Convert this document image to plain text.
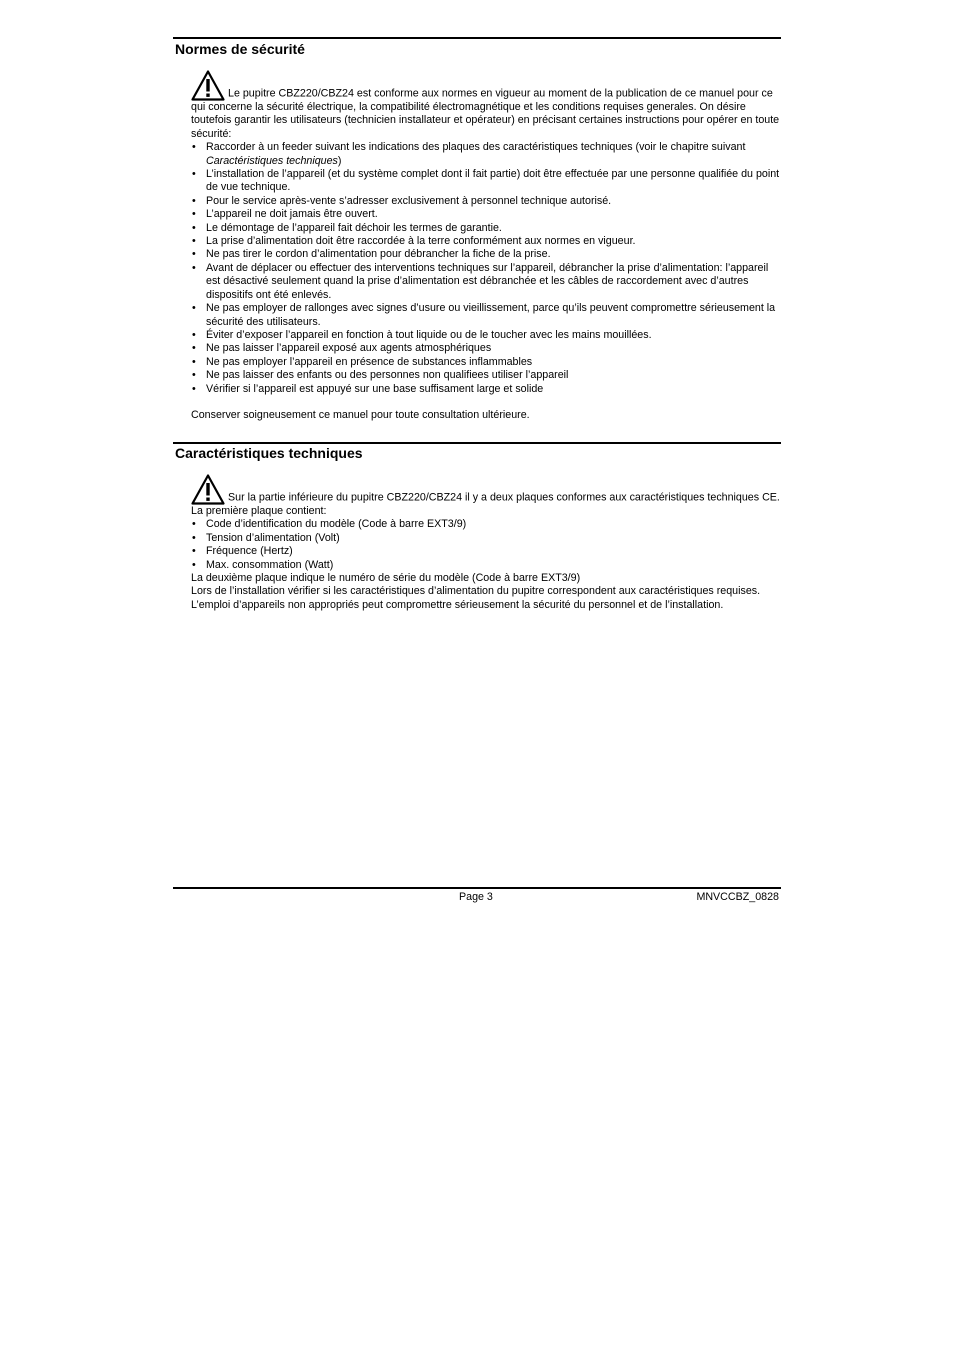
Normes de sécurité

Le pupitre CBZ220/CBZ24 est conforme aux normes en vigueur au moment de la publication de ce manuel pour ce qui concerne la sécurité électrique, la compatibilité électromagnétique et les conditions requises generales. On désire toutefois garantir les utilisateurs (technicien installateur et opérateur) en précisant certaines instructions pour opérer en toute sécurité:

• Raccorder à un feeder suivant les indications des plaques des caractéristiques techniques (voir le chapitre suivant Caractéristiques techniques)
• L’installation de l’appareil (et du système complet dont il fait partie) doit être effectuée par une personne qualifiée du point de vue technique.
• Pour le service après-vente s’adresser exclusivement à personnel technique autorisé.
• L’appareil ne doit jamais être ouvert.
• Le démontage de l’appareil fait déchoir les termes de garantie.
• La prise d’alimentation doit être raccordée à la terre conformément aux normes en vigueur.
• Ne pas tirer le cordon d’alimentation pour débrancher la fiche de la prise.
• Avant de déplacer ou effectuer des interventions techniques sur l’appareil, débrancher la prise d’alimentation: l’appareil est désactivé seulement quand la prise d’alimentation est débranchée et les câbles de raccordement avec d’autres dispositifs ont été enlevés.
• Ne pas employer de rallonges avec signes d’usure ou vieillissement, parce qu’ils peuvent compromettre sérieusement la sécurité des utilisateurs.
• Éviter d’exposer l’appareil en fonction à tout liquide ou de le toucher avec les mains mouillées.
• Ne pas laisser l’appareil exposé aux agents atmosphériques
• Ne pas employer l’appareil en présence de substances inflammables
• Ne pas laisser des enfants ou des personnes non qualifiees utiliser l’appareil
• Vérifier si l’appareil est appuyé sur une base suffisament large et solide

Conserver soigneusement ce manuel pour toute consultation ultérieure.

Caractéristiques techniques

Sur la partie inférieure du pupitre CBZ220/CBZ24 il y a deux plaques conformes aux caractéristiques techniques CE.

La première plaque contient:

• Code d’identification du modèle (Code à barre EXT3/9)
• Tension d’alimentation (Volt)
• Fréquence (Hertz)
• Max. consommation (Watt)

La deuxième plaque indique le numéro de série du modèle (Code à barre EXT3/9)

Lors de l’installation vérifier si les caractéristiques d’alimentation du pupitre correspondent aux caractéristiques requises. L’emploi d’appareils non appropriés peut compromettre sérieusement la sécurité du personnel et de l’installation.

Page 3	MNVCCBZ_0828
